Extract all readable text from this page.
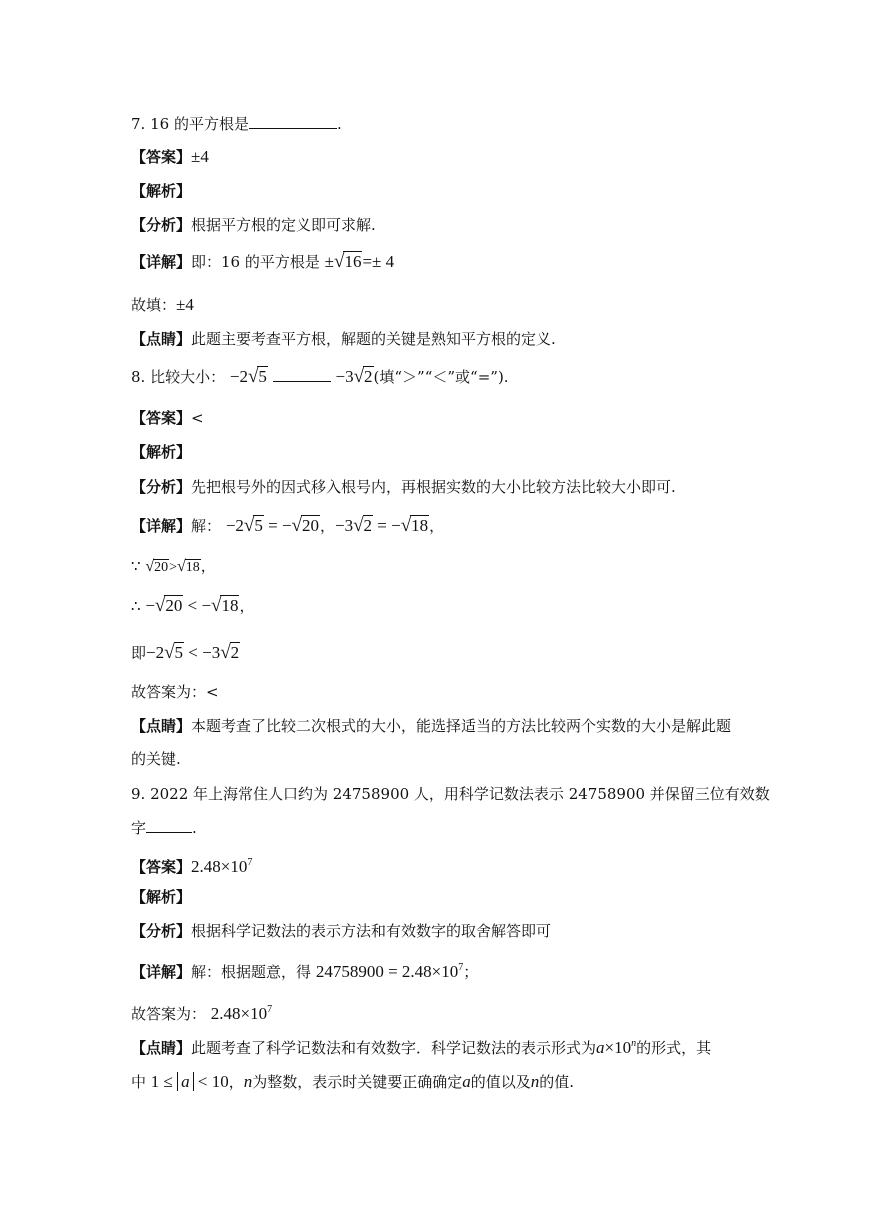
7. 16 的平方根是	.
【答案】±4
【解析】
【分析】根据平方根的定义即可求解.
【详解】即：16 的平方根是 ±√16=± 4
故填：±4
【点睛】此题主要考查平方根，解题的关键是熟知平方根的定义.
8. 比较大小： −2√5	−3√2(填“＞”“＜”或“=”).
【答案】<
【解析】
【分析】先把根号外的因式移入根号内，再根据实数的大小比较方法比较大小即可.
【详解】解： −2√5 = −√20，−3√2 = −√18，
∵ √20>√18，
∴ −√20 < −√18，
即−2√5 < −3√2
故答案为：<
【点睛】本题考查了比较二次根式的大小，能选择适当的方法比较两个实数的大小是解此题
的关键.
9. 2022 年上海常住人口约为 24758900 人，用科学记数法表示 24758900 并保留三位有效数
字	.
【答案】$2.48\times 10^7$
【解析】
【分析】根据科学记数法的表示方法和有效数字的取舍解答即可
【详解】解：根据题意，得 $24758900 = 2.48\times 10^7$；
故答案为： $2.48\times 10^7$
【点睛】此题考查了科学记数法和有效数字．科学记数法的表示形式为$a\times 10^n$的形式，其
中 1 ≤ a < 10，n为整数，表示时关键要正确确定a的值以及n的值.
